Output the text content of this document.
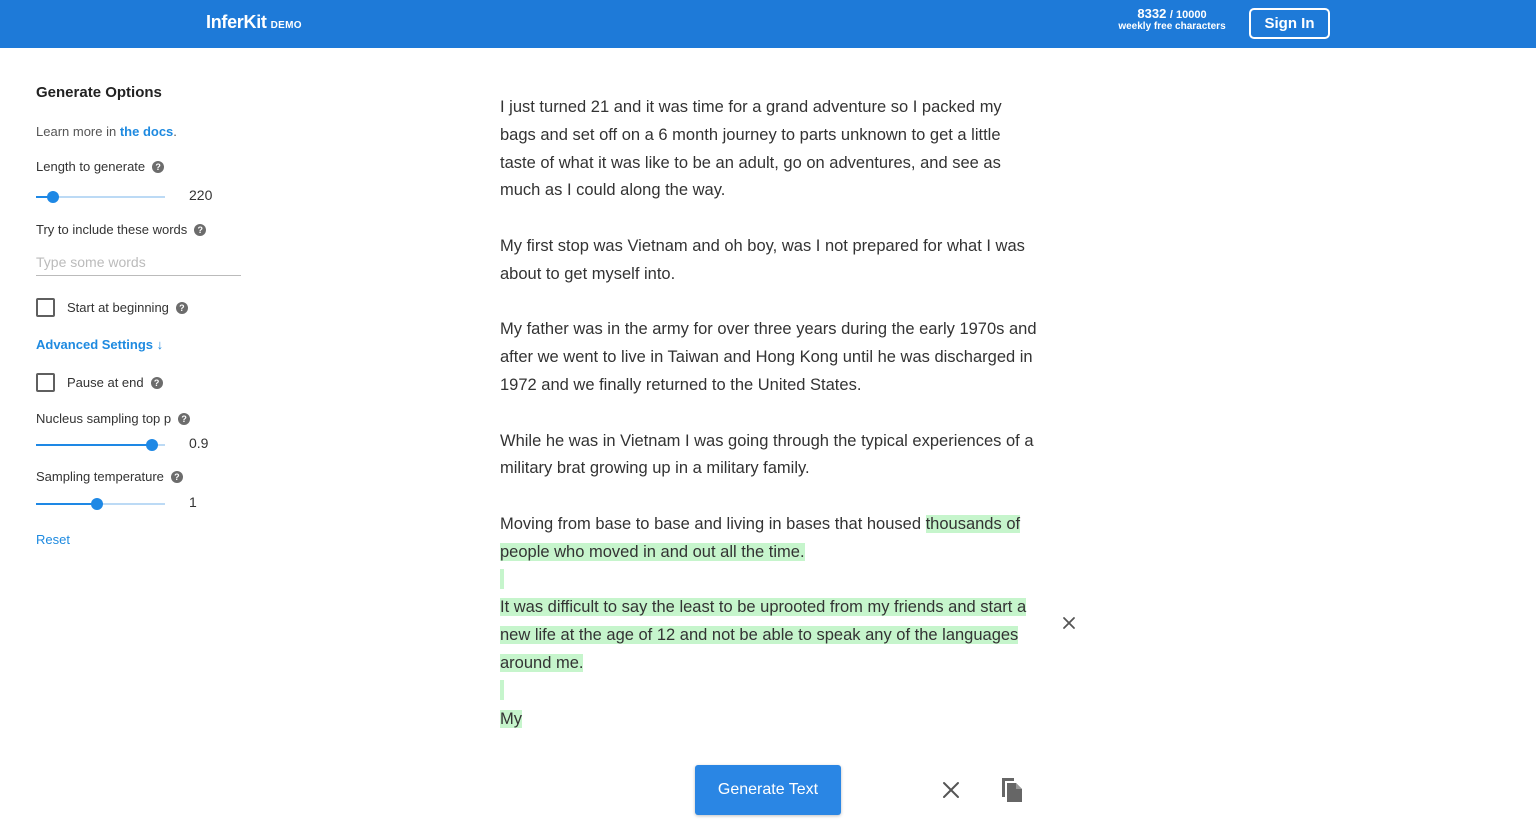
InferKit DEMO
8332 / 10000
weekly free characters	Sign In
Generate Options
Learn more in the docs.
Length to generate	?
220
Try to include these words	?
Type some words
Start at beginning	?
Advanced Settings ↓
Pause at end	?
Nucleus sampling top p	?
0.9
Sampling temperature	?
1
Reset

I just turned 21 and it was time for a grand adventure so I packed my bags and set off on a 6 month journey to parts unknown to get a little taste of what it was like to be an adult, go on adventures, and see as much as I could along the way.

My first stop was Vietnam and oh boy, was I not prepared for what I was about to get myself into.

My father was in the army for over three years during the early 1970s and after we went to live in Taiwan and Hong Kong until he was discharged in 1972 and we finally returned to the United States.

While he was in Vietnam I was going through the typical experiences of a military brat growing up in a military family.

Moving from base to base and living in bases that housed thousands of people who moved in and out all the time.

It was difficult to say the least to be uprooted from my friends and start a new life at the age of 12 and not be able to speak any of the languages around me.

My

Generate Text
